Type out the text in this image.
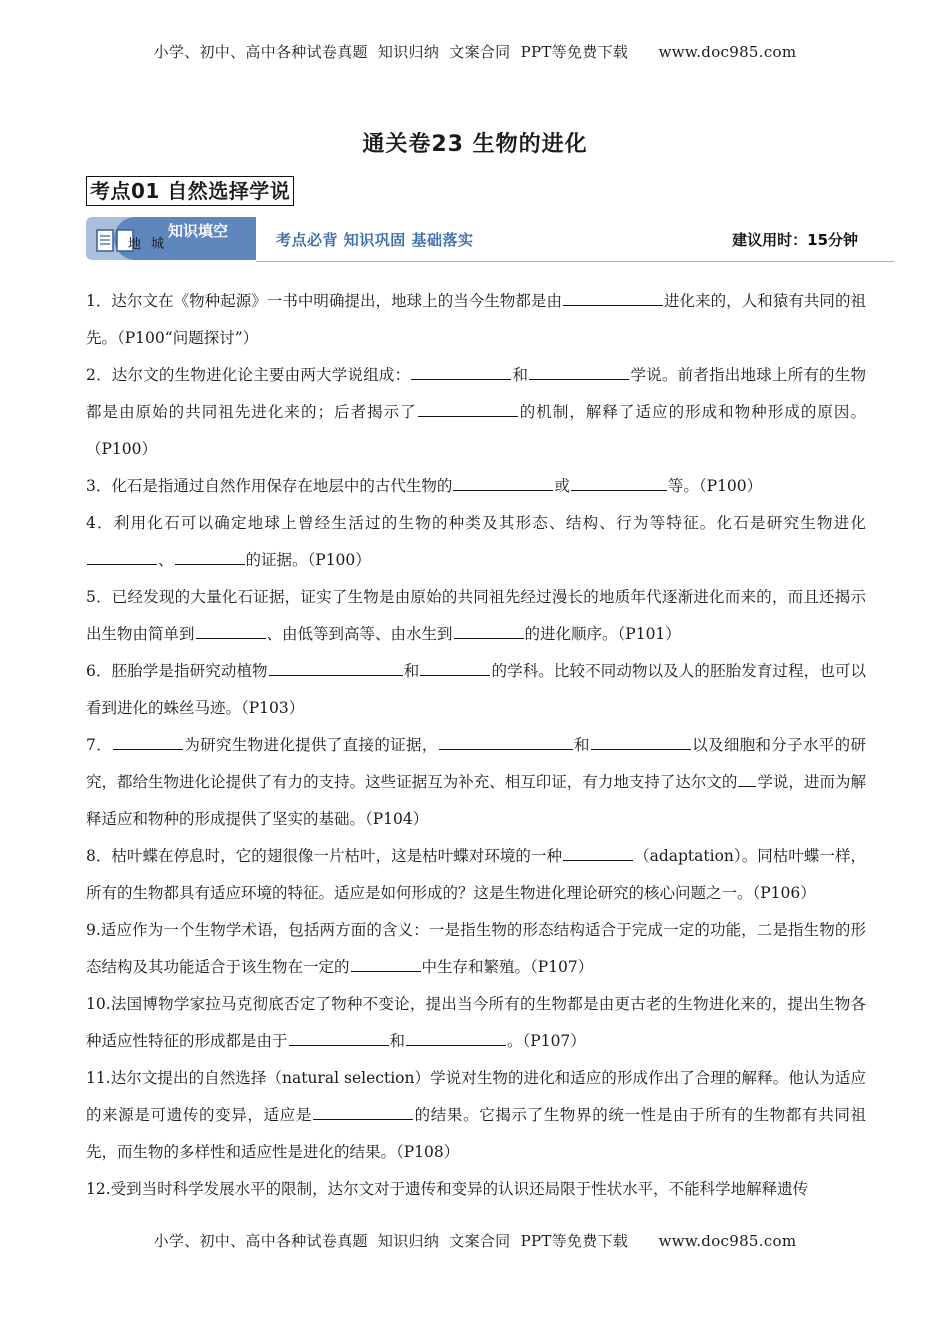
小学、初中、高中各种试卷真题  知识归纳  文案合同  PPT等免费下载      www.doc985.com
通关卷23 生物的进化
考点01 自然选择学说
知识填空
地城	考点必背 知识巩固 基础落实	建议用时：15分钟

1．达尔文在《物种起源》一书中明确提出，地球上的当今生物都是由	进化来的，人和猿有共同的祖先。（P100“问题探讨”）

2．达尔文的生物进化论主要由两大学说组成：	和	学说。前者指出地球上所有的生物都是由原始的共同祖先进化来的；后者揭示了	的机制，解释了适应的形成和物种形成的原因。（P100）

3．化石是指通过自然作用保存在地层中的古代生物的	或	等。（P100）

4．利用化石可以确定地球上曾经生活过的生物的种类及其形态、结构、行为等特征。化石是研究生物进化、	的证据。（P100）

5．已经发现的大量化石证据，证实了生物是由原始的共同祖先经过漫长的地质年代逐渐进化而来的，而且还揭示出生物由简单到	、由低等到高等、由水生到	的进化顺序。（P101）

6．胚胎学是指研究动植物	和	的学科。比较不同动物以及人的胚胎发育过程，也可以看到进化的蛛丝马迹。（P103）

7．	为研究生物进化提供了直接的证据，	和	以及细胞和分子水平的研究，都给生物进化论提供了有力的支持。这些证据互为补充、相互印证，有力地支持了达尔文的 学说，进而为解释适应和物种的形成提供了坚实的基础。（P104）

8．枯叶蝶在停息时，它的翅很像一片枯叶，这是枯叶蝶对环境的一种	（adaptation）。同枯叶蝶一样，所有的生物都具有适应环境的特征。适应是如何形成的？这是生物进化理论研究的核心问题之一。（P106）

9.适应作为一个生物学术语，包括两方面的含义：一是指生物的形态结构适合于完成一定的功能，二是指生物的形态结构及其功能适合于该生物在一定的	中生存和繁殖。（P107）

10.法国博物学家拉马克彻底否定了物种不变论，提出当今所有的生物都是由更古老的生物进化来的，提出生物各种适应性特征的形成都是由于	和	。（P107）

11.达尔文提出的自然选择（natural selection）学说对生物的进化和适应的形成作出了合理的解释。他认为适应的来源是可遗传的变异，适应是	的结果。它揭示了生物界的统一性是由于所有的生物都有共同祖先，而生物的多样性和适应性是进化的结果。（P108）

12.受到当时科学发展水平的限制，达尔文对于遗传和变异的认识还局限于性状水平，不能科学地解释遗传

小学、初中、高中各种试卷真题  知识归纳  文案合同  PPT等免费下载      www.doc985.com
